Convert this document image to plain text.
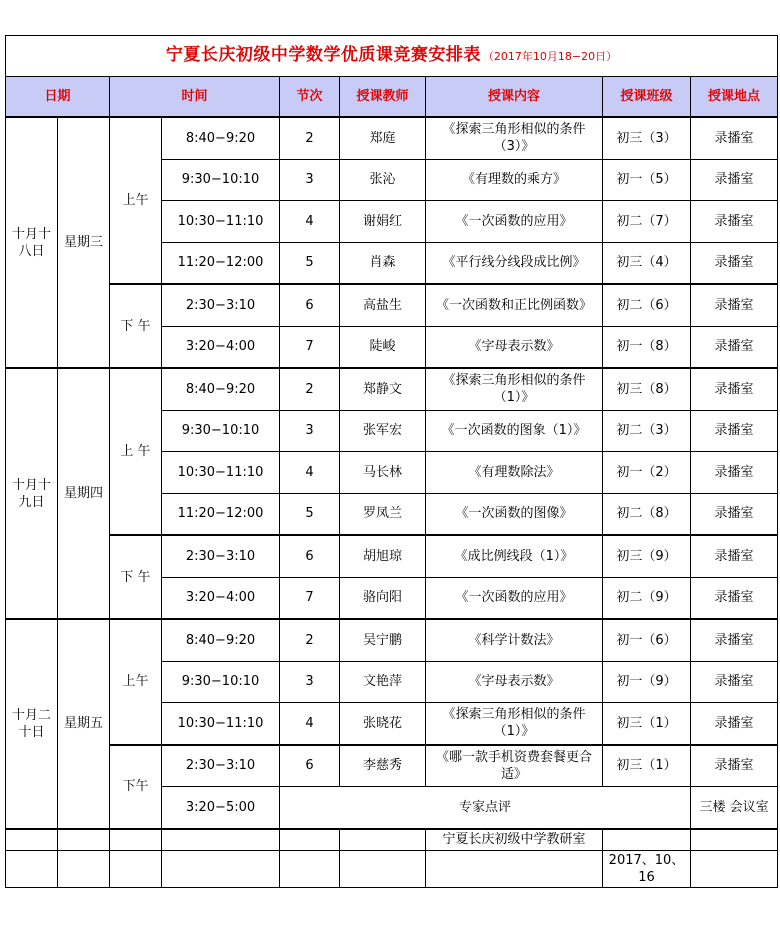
宁夏长庆初级中学数学优质课竞赛安排表 （2017年10月18−20日）								
日期		时间		节次	授课教师	授课内容	授课班级	授课地点
十月十八日	星期三	上午	8:40−9:20	2	郑庭	《探索三角形相似的条件（3）》	初三（3）	录播室
			9:30−10:10	3	张沁	《有理数的乘方》	初一（5）	录播室
			10:30−11:10	4	谢娟红	《一次函数的应用》	初二（7）	录播室
			11:20−12:00	5	肖森	《平行线分线段成比例》	初三（4）	录播室
		下 午	2:30−3:10	6	高盐生	《一次函数和正比例函数》	初二（6）	录播室
			3:20−4:00	7	陡峻	《字母表示数》	初一（8）	录播室
十月十九日	星期四	上 午	8:40−9:20	2	郑静文	《探索三角形相似的条件（1）》	初三（8）	录播室
			9:30−10:10	3	张军宏	《一次函数的图象（1）》	初二（3）	录播室
			10:30−11:10	4	马长林	《有理数除法》	初一（2）	录播室
			11:20−12:00	5	罗凤兰	《一次函数的图像》	初二（8）	录播室
		下 午	2:30−3:10	6	胡旭琼	《成比例线段（1）》	初三（9）	录播室
			3:20−4:00	7	骆向阳	《一次函数的应用》	初二（9）	录播室
十月二十日	星期五	上午	8:40−9:20	2	吴宁鹏	《科学计数法》	初一（6）	录播室
			9:30−10:10	3	文艳萍	《字母表示数》	初一（9）	录播室
			10:30−11:10	4	张晓花	《探索三角形相似的条件（1）》	初三（1）	录播室
		下午	2:30−3:10	6	李慈秀	《哪一款手机资费套餐更合适》	初三（1）	录播室
			3:20−5:00	专家点评				三楼 会议室
						宁夏长庆初级中学教研室		
							2017、10、16	
